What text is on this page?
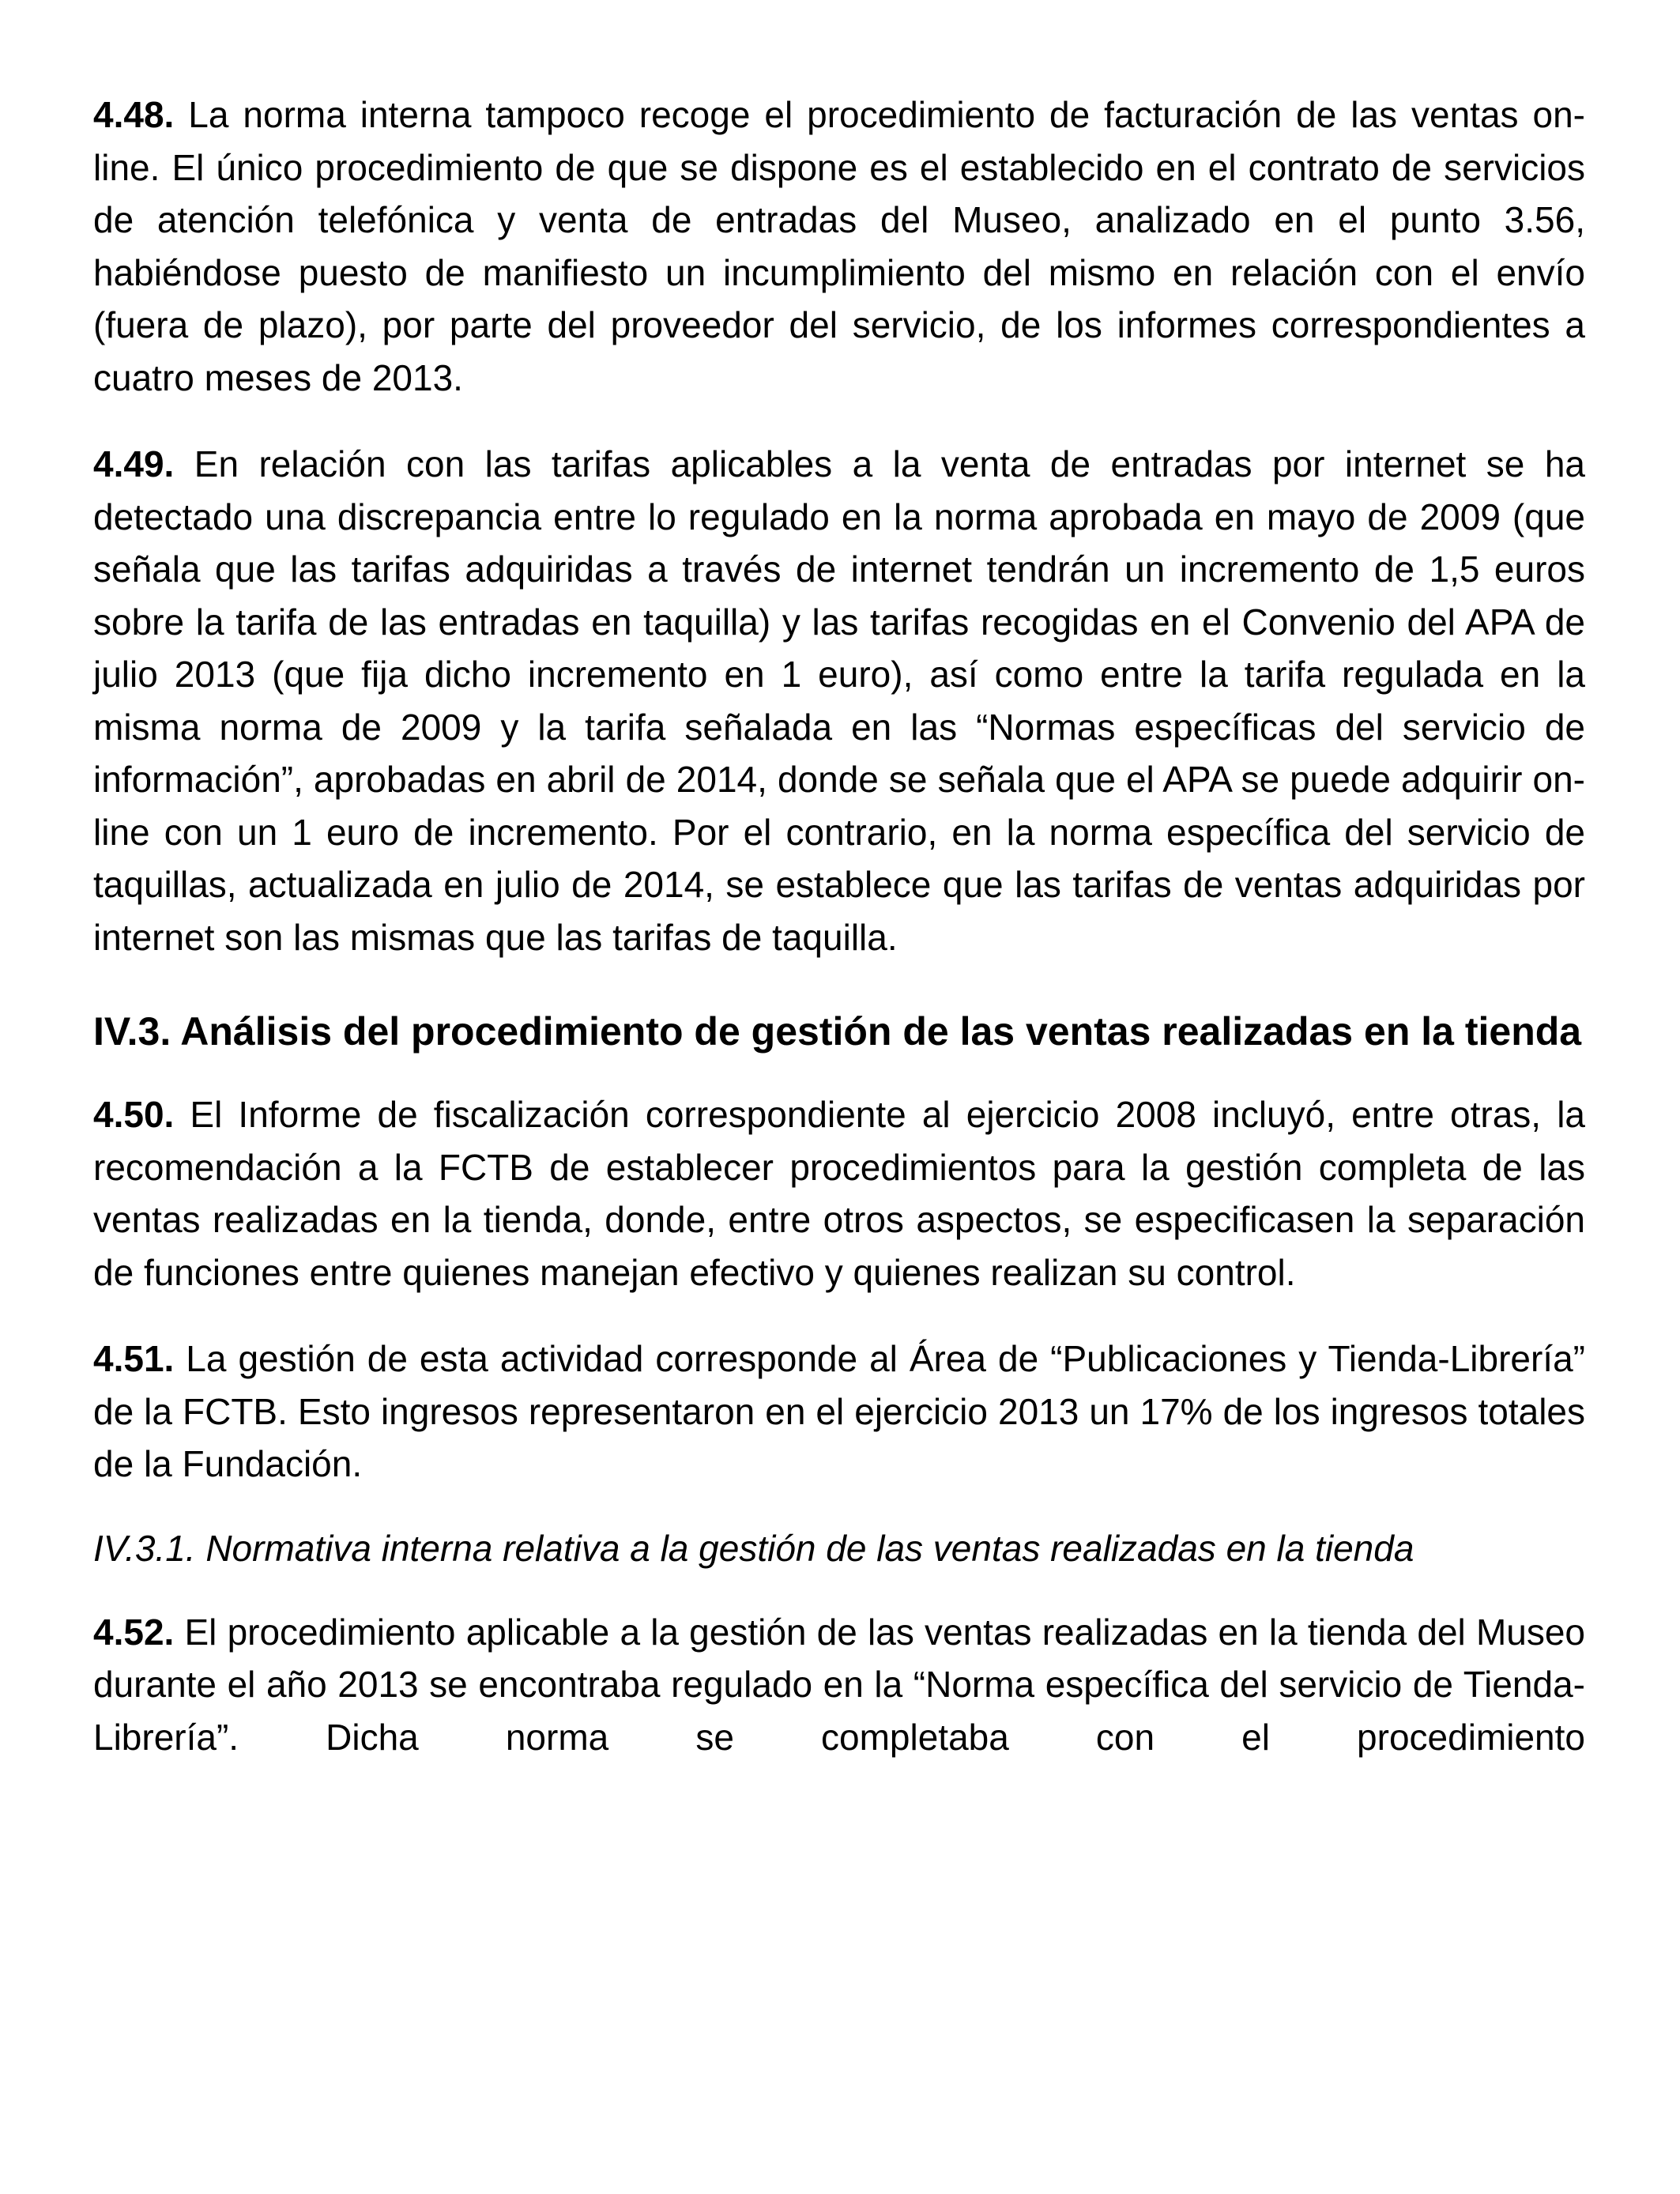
4.48. La norma interna tampoco recoge el procedimiento de facturación de las ventas on-line. El único procedimiento de que se dispone es el establecido en el contrato de servicios de atención telefónica y venta de entradas del Museo, analizado en el punto 3.56, habiéndose puesto de manifiesto un incumplimiento del mismo en relación con el envío (fuera de plazo), por parte del proveedor del servicio, de los informes correspondientes a cuatro meses de 2013.

4.49. En relación con las tarifas aplicables a la venta de entradas por internet se ha detectado una discrepancia entre lo regulado en la norma aprobada en mayo de 2009 (que señala que las tarifas adquiridas a través de internet tendrán un incremento de 1,5 euros sobre la tarifa de las entradas en taquilla) y las tarifas recogidas en el Convenio del APA de julio 2013 (que fija dicho incremento en 1 euro), así como entre la tarifa regulada en la misma norma de 2009 y la tarifa señalada en las “Normas específicas del servicio de información”, aprobadas en abril de 2014, donde se señala que el APA se puede adquirir on-line con un 1 euro de incremento. Por el contrario, en la norma específica del servicio de taquillas, actualizada en julio de 2014, se establece que las tarifas de ventas adquiridas por internet son las mismas que las tarifas de taquilla.

IV.3. Análisis del procedimiento de gestión de las ventas realizadas en la tienda

4.50. El Informe de fiscalización correspondiente al ejercicio 2008 incluyó, entre otras, la recomendación a la FCTB de establecer procedimientos para la gestión completa de las ventas realizadas en la tienda, donde, entre otros aspectos, se especificasen la separación de funciones entre quienes manejan efectivo y quienes realizan su control.

4.51. La gestión de esta actividad corresponde al Área de “Publicaciones y Tienda-Librería” de la FCTB. Esto ingresos representaron en el ejercicio 2013 un 17% de los ingresos totales de la Fundación.

IV.3.1. Normativa interna relativa a la gestión de las ventas realizadas en la tienda

4.52. El procedimiento aplicable a la gestión de las ventas realizadas en la tienda del Museo durante el año 2013 se encontraba regulado en la “Norma específica del servicio de Tienda-Librería”. Dicha norma se completaba con el procedimiento
